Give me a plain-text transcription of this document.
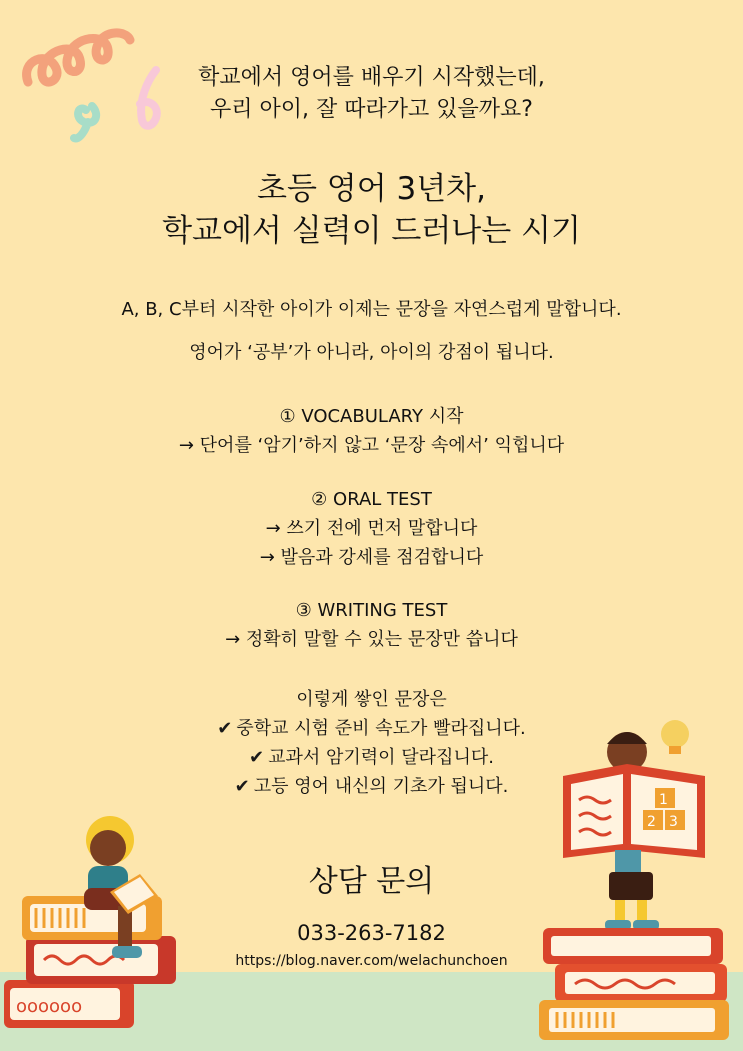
학교에서 영어를 배우기 시작했는데,
우리 아이, 잘 따라가고 있을까요?
초등 영어 3년차,
학교에서 실력이 드러나는 시기
A, B, C부터 시작한 아이가 이제는 문장을 자연스럽게 말합니다.
영어가 ‘공부’가 아니라, 아이의 강점이 됩니다.
① VOCABULARY 시작
→ 단어를 ‘암기’하지 않고 ‘문장 속에서’ 익힙니다
② ORAL TEST
→ 쓰기 전에 먼저 말합니다
→ 발음과 강세를 점검합니다
③ WRITING TEST
→ 정확히 말할 수 있는 문장만 씁니다
이렇게 쌓인 문장은
✔ 중학교 시험 준비 속도가 빨라집니다.
✔ 교과서 암기력이 달라집니다.
✔ 고등 영어 내신의 기초가 됩니다.
상담 문의
033-263-7182
https://blog.naver.com/welachunchoen
oooooo
1
2 3
